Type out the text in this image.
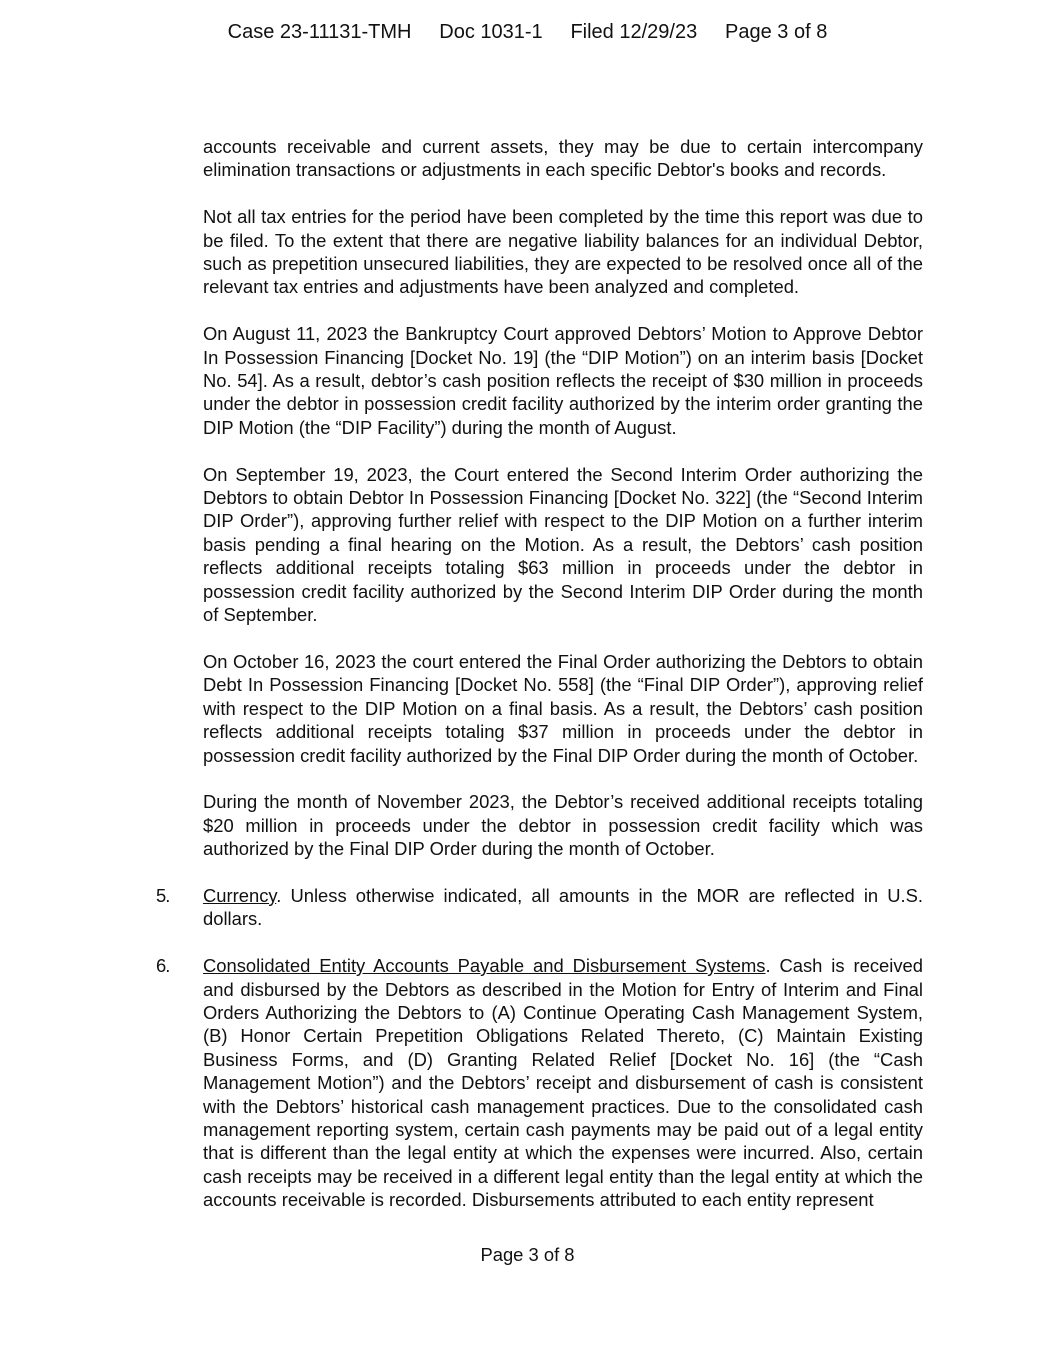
Case 23-11131-TMH Doc 1031-1 Filed 12/29/23 Page 3 of 8

accounts receivable and current assets, they may be due to certain intercompany elimination transactions or adjustments in each specific Debtor's books and records.

Not all tax entries for the period have been completed by the time this report was due to be filed. To the extent that there are negative liability balances for an individual Debtor, such as prepetition unsecured liabilities, they are expected to be resolved once all of the relevant tax entries and adjustments have been analyzed and completed.

On August 11, 2023 the Bankruptcy Court approved Debtors’ Motion to Approve Debtor In Possession Financing [Docket No. 19] (the “DIP Motion”) on an interim basis [Docket No. 54]. As a result, debtor’s cash position reflects the receipt of $30 million in proceeds under the debtor in possession credit facility authorized by the interim order granting the DIP Motion (the “DIP Facility”) during the month of August.

On September 19, 2023, the Court entered the Second Interim Order authorizing the Debtors to obtain Debtor In Possession Financing [Docket No. 322] (the “Second Interim DIP Order”), approving further relief with respect to the DIP Motion on a further interim basis pending a final hearing on the Motion. As a result, the Debtors’ cash position reflects additional receipts totaling $63 million in proceeds under the debtor in possession credit facility authorized by the Second Interim DIP Order during the month of September.

On October 16, 2023 the court entered the Final Order authorizing the Debtors to obtain Debt In Possession Financing [Docket No. 558] (the “Final DIP Order”), approving relief with respect to the DIP Motion on a final basis. As a result, the Debtors’ cash position reflects additional receipts totaling $37 million in proceeds under the debtor in possession credit facility authorized by the Final DIP Order during the month of October.

During the month of November 2023, the Debtor’s received additional receipts totaling $20 million in proceeds under the debtor in possession credit facility which was authorized by the Final DIP Order during the month of October.

5. Currency. Unless otherwise indicated, all amounts in the MOR are reflected in U.S. dollars.

6. Consolidated Entity Accounts Payable and Disbursement Systems. Cash is received and disbursed by the Debtors as described in the Motion for Entry of Interim and Final Orders Authorizing the Debtors to (A) Continue Operating Cash Management System, (B) Honor Certain Prepetition Obligations Related Thereto, (C) Maintain Existing Business Forms, and (D) Granting Related Relief [Docket No. 16] (the “Cash Management Motion”) and the Debtors’ receipt and disbursement of cash is consistent with the Debtors’ historical cash management practices. Due to the consolidated cash management reporting system, certain cash payments may be paid out of a legal entity that is different than the legal entity at which the expenses were incurred. Also, certain cash receipts may be received in a different legal entity than the legal entity at which the accounts receivable is recorded. Disbursements attributed to each entity represent

Page 3 of 8
